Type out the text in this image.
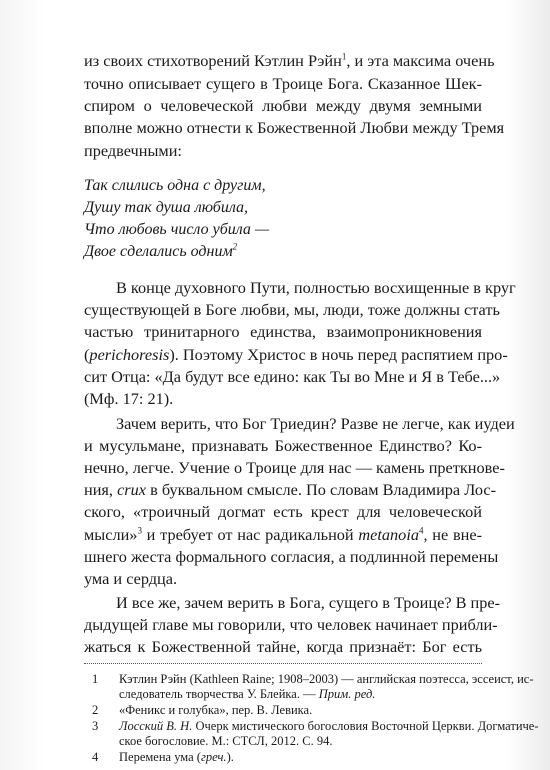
из своих стихотворений Кэтлин Рэйн$^1$, и эта максима очень
точно описывает сущего в Троице Бога. Сказанное Шек-
спиром о человеческой любви между двумя земными
вполне можно отнести к Божественной Любви между Тремя
предвечными:
Так слились одна с другим,
Душу так душа любила,
Что любовь число убила —
Двое сделались одним$^2$
В конце духовного Пути, полностью восхищенные в круг
существующей в Боге любви, мы, люди, тоже должны стать
частью тринитарного единства, взаимопроникновения
(perichoresis). Поэтому Христос в ночь перед распятием про-
сит Отца: «Да будут все едино: как Ты во Мне и Я в Тебе...»
(Мф. 17: 21).
Зачем верить, что Бог Триедин? Разве не легче, как иудеи
и мусульмане, признавать Божественное Единство? Ко-
нечно, легче. Учение о Троице для нас — камень преткнове-
ния, crux в буквальном смысле. По словам Владимира Лос-
ского, «троичный догмат есть крест для человеческой
мысли»$^3$ и требует от нас радикальной metanoia$^4$, не вне-
шнего жеста формального согласия, а подлинной перемены
ума и сердца.
И все же, зачем верить в Бога, сущего в Троице? В пре-
дыдущей главе мы говорили, что человек начинает прибли-
жаться к Божественной тайне, когда признаёт: Бог есть
1 Кэтлин Рэйн (Kathleen Raine; 1908–2003) — английская поэтесса, эссеист, ис-
следователь творчества У. Блейка. — Прим. ред.
2 «Феникс и голубка», пер. В. Левика.
3 Лосский В. Н. Очерк мистического богословия Восточной Церкви. Догматиче-
ское богословие. М.: СТСЛ, 2012. С. 94.
4 Перемена ума (греч.).
